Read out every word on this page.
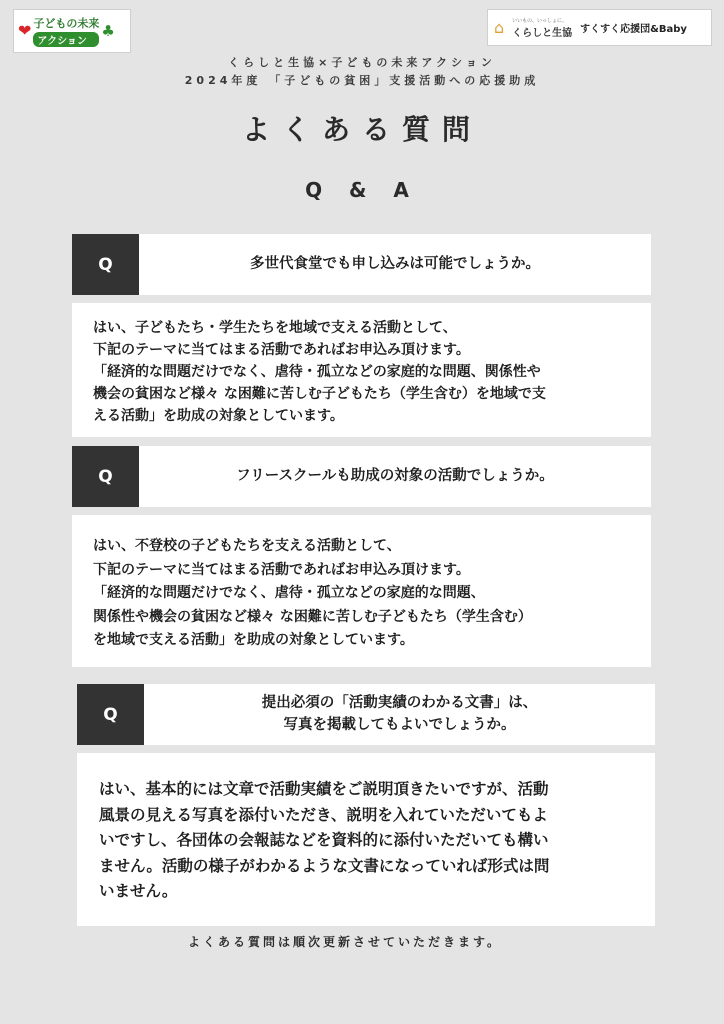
❤ 子どもの未来
アクション
♣	⌂ いいもの、いっしょに。
くらしと生協 すくすく応援団&Baby
くらしと生協×子どもの未来アクション
2024年度 「子どもの貧困」支援活動への応援助成
よくある質問
Q & A
Q	多世代食堂でも申し込みは可能でしょうか。

はい、子どもたち・学生たちを地域で支える活動として、
下記のテーマに当てはまる活動であればお申込み頂けます。
「経済的な問題だけでなく、虐待・孤立などの家庭的な問題、関係性や
機会の貧困など様々 な困難に苦しむ子どもたち（学生含む）を地域で支
える活動」を助成の対象としています。

Q	フリースクールも助成の対象の活動でしょうか。

はい、不登校の子どもたちを支える活動として、
下記のテーマに当てはまる活動であればお申込み頂けます。
「経済的な問題だけでなく、虐待・孤立などの家庭的な問題、
関係性や機会の貧困など様々 な困難に苦しむ子どもたち（学生含む）
を地域で支える活動」を助成の対象としています。

Q
提出必須の「活動実績のわかる文書」は、
写真を掲載してもよいでしょうか。

はい、基本的には文章で活動実績をご説明頂きたいですが、活動
風景の見える写真を添付いただき、説明を入れていただいてもよ
いですし、各団体の会報誌などを資料的に添付いただいても構い
ません。活動の様子がわかるような文書になっていれば形式は問
いません。

よくある質問は順次更新させていただきます。
